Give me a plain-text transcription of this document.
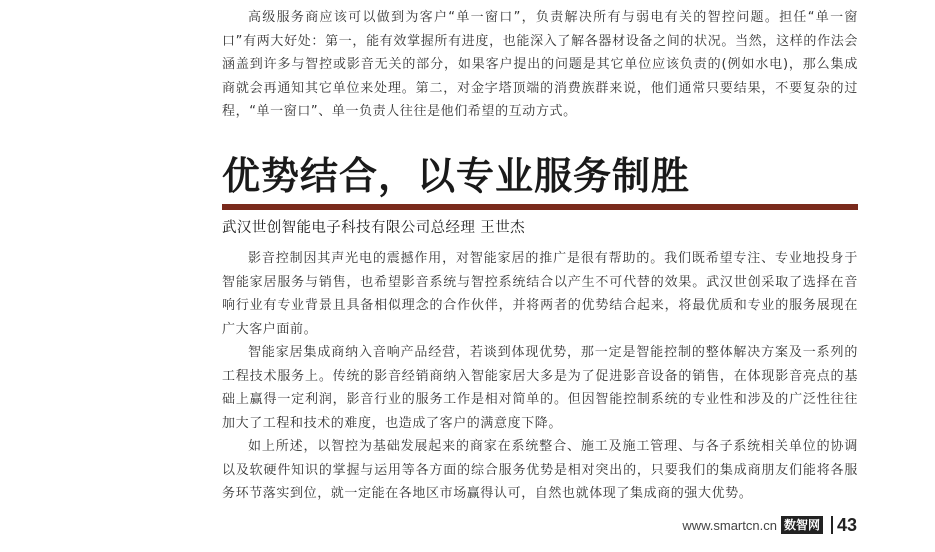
高级服务商应该可以做到为客户“单一窗口”，负责解决所有与弱电有关的智控问题。担任“单一窗口”有两大好处：第一，能有效掌握所有进度，也能深入了解各器材设备之间的状况。当然，这样的作法会涵盖到许多与智控或影音无关的部分，如果客户提出的问题是其它单位应该负责的(例如水电)，那么集成商就会再通知其它单位来处理。第二，对金字塔顶端的消费族群来说，他们通常只要结果，不要复杂的过程，“单一窗口”、单一负责人往往是他们希望的互动方式。

优势结合，以专业服务制胜

武汉世创智能电子科技有限公司总经理 王世杰

影音控制因其声光电的震撼作用，对智能家居的推广是很有帮助的。我们既希望专注、专业地投身于智能家居服务与销售，也希望影音系统与智控系统结合以产生不可代替的效果。武汉世创采取了选择在音响行业有专业背景且具备相似理念的合作伙伴，并将两者的优势结合起来，将最优质和专业的服务展现在广大客户面前。

智能家居集成商纳入音响产品经营，若谈到体现优势，那一定是智能控制的整体解决方案及一系列的工程技术服务上。传统的影音经销商纳入智能家居大多是为了促进影音设备的销售，在体现影音亮点的基础上赢得一定利润，影音行业的服务工作是相对简单的。但因智能控制系统的专业性和涉及的广泛性往往加大了工程和技术的难度，也造成了客户的满意度下降。

如上所述，以智控为基础发展起来的商家在系统整合、施工及施工管理、与各子系统相关单位的协调以及软硬件知识的掌握与运用等各方面的综合服务优势是相对突出的，只要我们的集成商朋友们能将各服务环节落实到位，就一定能在各地区市场赢得认可，自然也就体现了集成商的强大优势。

www.smartcn.cn 数智网 43
